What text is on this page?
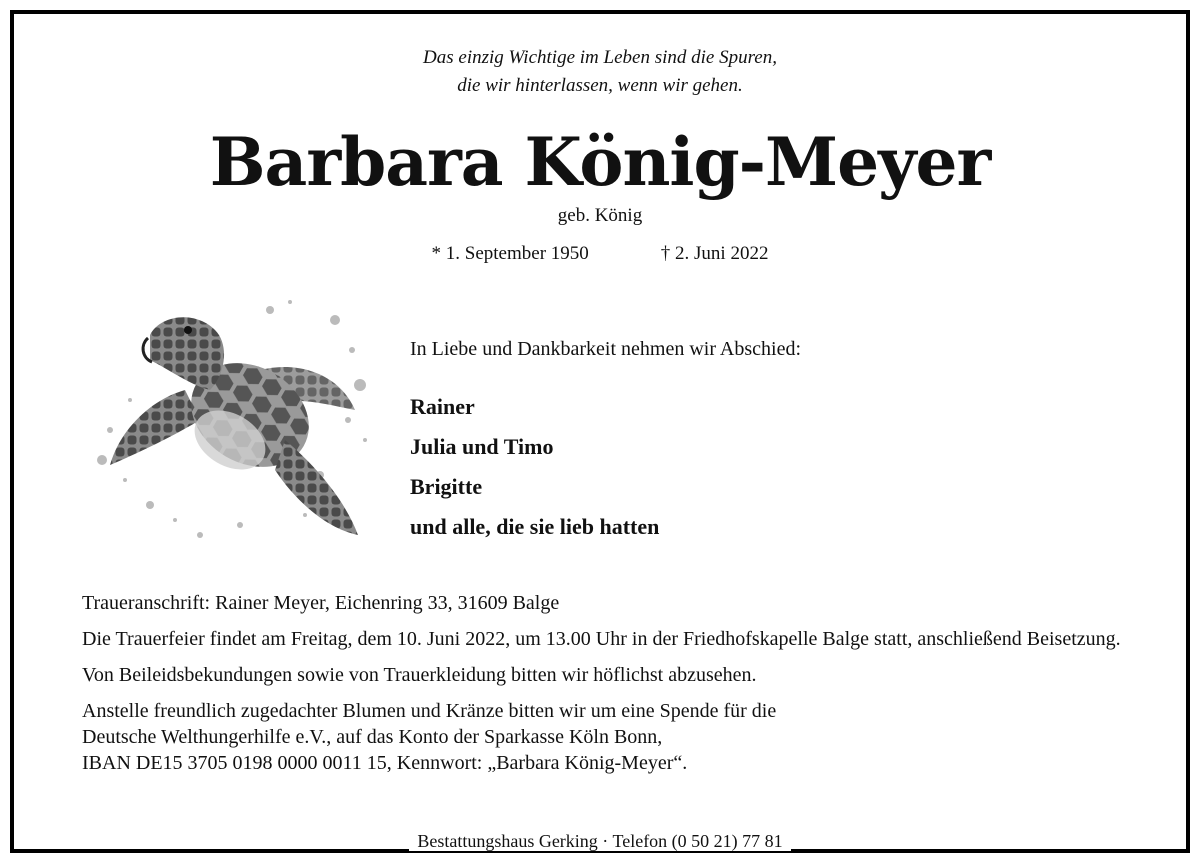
Das einzig Wichtige im Leben sind die Spuren,
die wir hinterlassen, wenn wir gehen.
Barbara König-Meyer
geb. König
* 1. September 1950	† 2. Juni 2022
In Liebe und Dankbarkeit nehmen wir Abschied:
Rainer
Julia und Timo
Brigitte
und alle, die sie lieb hatten

Traueranschrift: Rainer Meyer, Eichenring 33, 31609 Balge

Die Trauerfeier findet am Freitag, dem 10. Juni 2022, um 13.00 Uhr in der Friedhofskapelle Balge statt, anschließend Beisetzung.

Von Beileidsbekundungen sowie von Trauerkleidung bitten wir höflichst abzusehen.

Anstelle freundlich zugedachter Blumen und Kränze bitten wir um eine Spende für die
Deutsche Welthungerhilfe e.V., auf das Konto der Sparkasse Köln Bonn,
IBAN DE15 3705 0198 0000 0011 15, Kennwort: „Barbara König-Meyer“.

Bestattungshaus Gerking · Telefon (0 50 21) 77 81
